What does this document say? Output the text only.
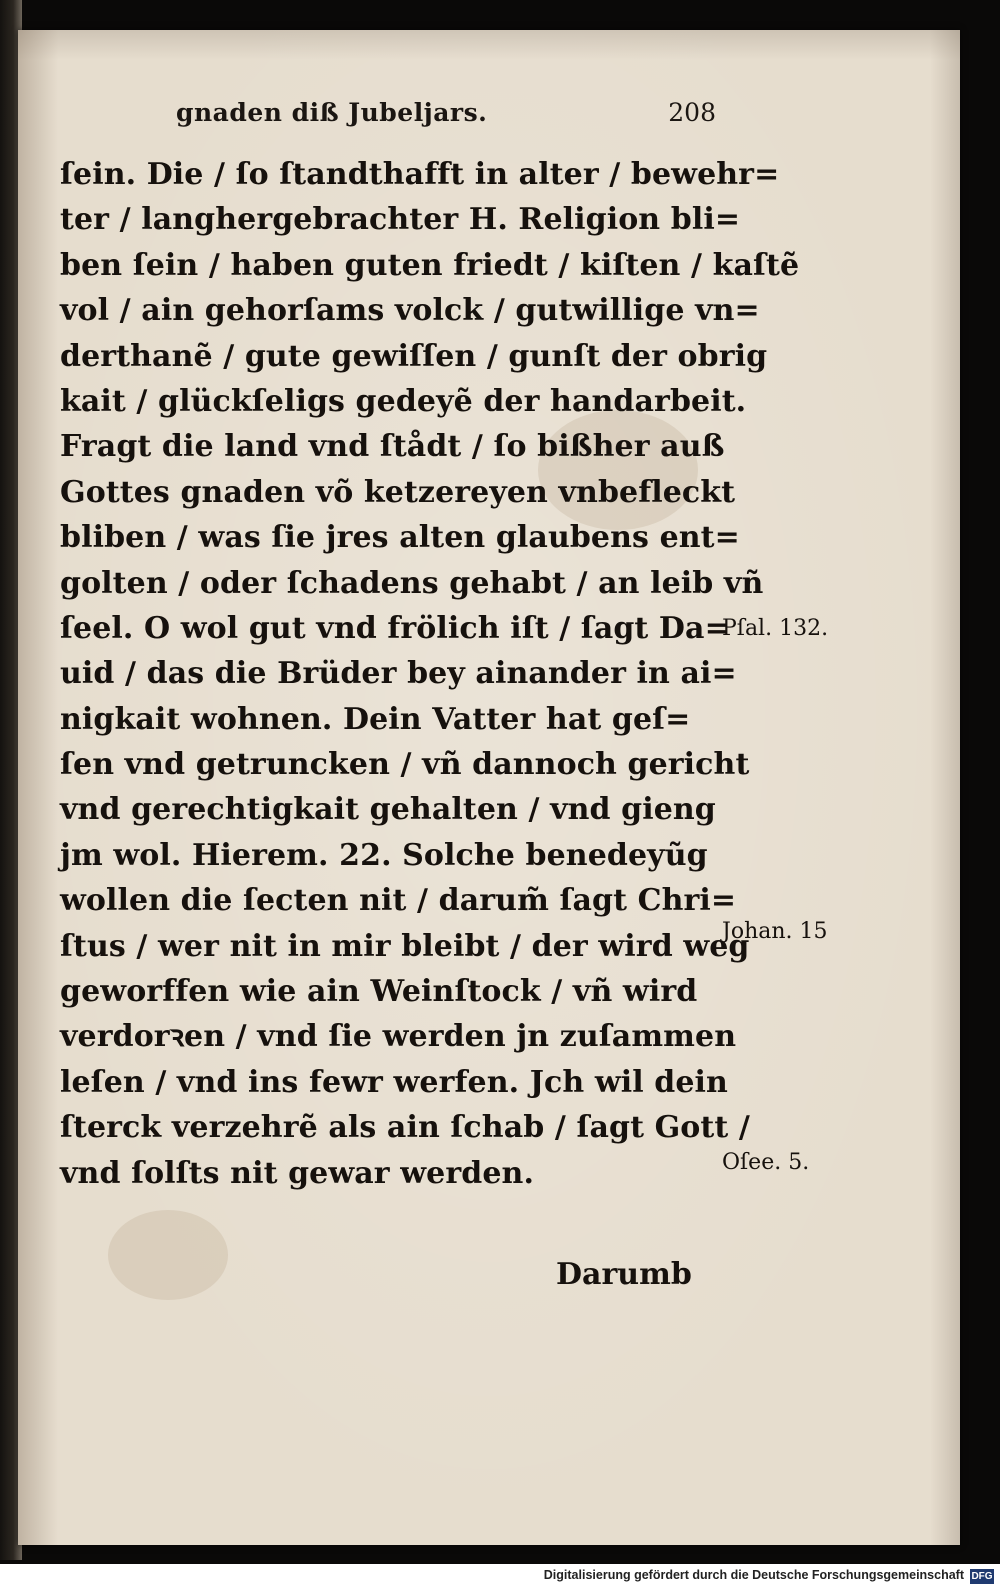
gnaden diß Jubeljars.	208
ſein. Die / ſo ſtandthafft in alter / bewehr=
ter / langhergebrachter H. Religion bli=
ben ſein / haben guten friedt / kiſten / kaſtẽ
vol / ain gehorſams volck / gutwillige vn=
derthanẽ / gute gewiſſen / gunſt der obrig
kait / glückſeligs gedeyẽ der handarbeit.
Fragt die land vnd ſtådt / ſo bißher auß
Gottes gnaden võ ketzereyen vnbefleckt
bliben / was ſie jres alten glaubens ent=
golten / oder ſchadens gehabt / an leib vñ
ſeel. O wol gut vnd frölich iſt / ſagt Da=
uid / das die Brüder bey ainander in ai=
nigkait wohnen. Dein Vatter hat geſ=
ſen vnd getruncken / vñ dannoch gericht
vnd gerechtigkait gehalten / vnd gieng
jm wol. Hierem. 22. Solche benedeyũg
wollen die ſecten nit / darum̃ ſagt Chri=
ſtus / wer nit in mir bleibt / der wird weg
geworffen wie ain Weinſtock / vñ wird
verdorꝛen / vnd ſie werden jn zuſammen
leſen / vnd ins fewr werfen. Jch wil dein
ſterck verzehrẽ als ain ſchab / ſagt Gott /
vnd ſolſts nit gewar werden.
Pſal. 132.
Johan. 15
Oſee. 5.
Darumb
Digitalisierung gefördert durch die Deutsche Forschungsgemeinschaft DFG
